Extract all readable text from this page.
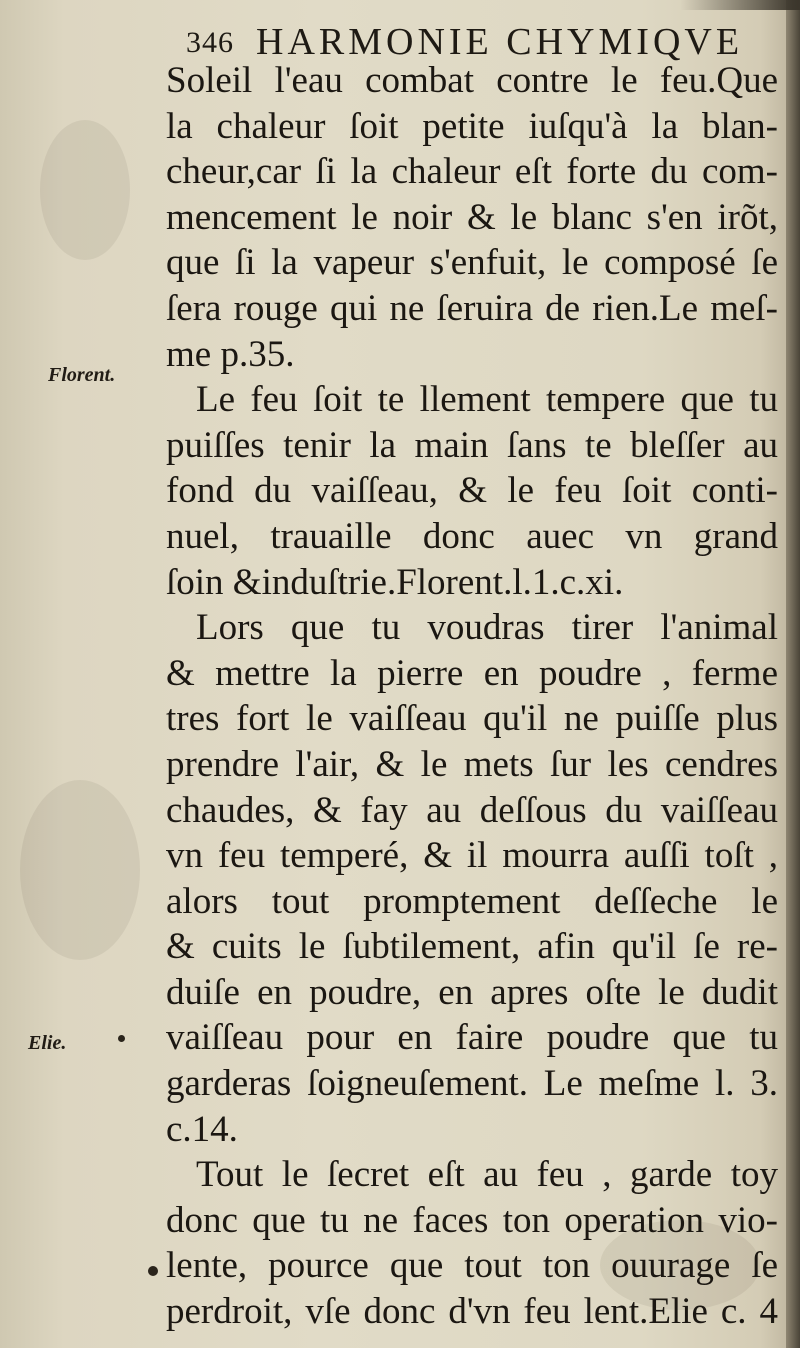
346 HARMONIE CHYMIQVE
Florent.
Elie.
Soleil l'eau combat contre le feu.Que
la chaleur ſoit petite iuſqu'à la blan-
cheur,car ſi la chaleur eſt forte du com-
mencement le noir & le blanc s'en irõt,
que ſi la vapeur s'enfuit, le composé ſe
ſera rouge qui ne ſeruira de rien.Le meſ-
me p.35.
Le feu ſoit te llement tempere que tu
puiſſes tenir la main ſans te bleſſer au
fond du vaiſſeau, & le feu ſoit conti-
nuel, trauaille donc auec vn grand
ſoin &induſtrie.Florent.l.1.c.xi.
Lors que tu voudras tirer l'animal
& mettre la pierre en poudre , ferme
tres fort le vaiſſeau qu'il ne puiſſe plus
prendre l'air, & le mets ſur les cendres
chaudes, & fay au deſſous du vaiſſeau
vn feu temperé, & il mourra auſſi toſt ,
alors tout promptement deſſeche le
& cuits le ſubtilement, afin qu'il ſe re-
duiſe en poudre, en apres oſte le dudit
vaiſſeau pour en faire poudre que tu
garderas ſoigneuſement. Le meſme l. 3.
c.14.
Tout le ſecret eſt au feu , garde toy
donc que tu ne faces ton operation vio-
lente, pource que tout ton ouurage ſe
perdroit, vſe donc d'vn feu lent.Elie c. 4
